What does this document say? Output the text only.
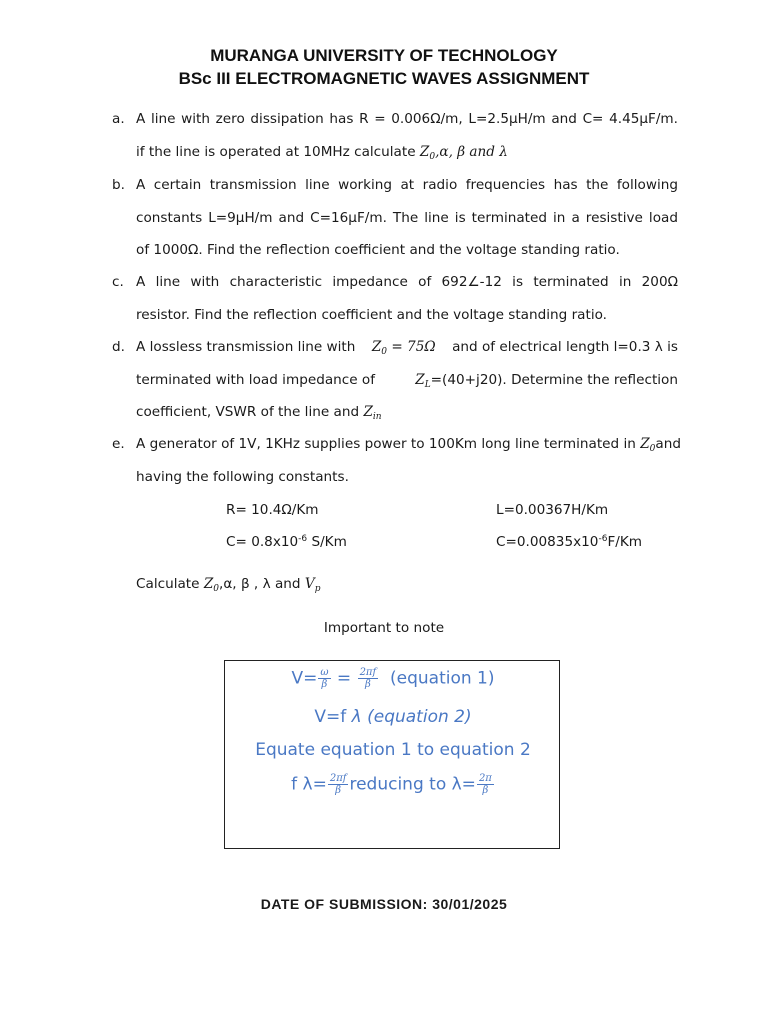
MURANGA UNIVERSITY OF TECHNOLOGY
BSc III ELECTROMAGNETIC WAVES ASSIGNMENT
a. A line with zero dissipation has R = 0.006Ω/m, L=2.5μH/m and C= 4.45μF/m.
if the line is operated at 10MHz calculate $Z_0,\alpha$, β and λ
b. A certain transmission line working at radio frequencies has the following
constants L=9μH/m and C=16μF/m. The line is terminated in a resistive load
of 1000Ω. Find the reflection coefficient and the voltage standing ratio.
c. A line with characteristic impedance of 692∠-12 is terminated in 200Ω
resistor. Find the reflection coefficient and the voltage standing ratio.
d. A lossless transmission line with $Z_0 = 75\Omega$ and of electrical length l=0.3 λ is
terminated with load impedance of	$Z_L=(40+j20)$. Determine the reflection
coefficient, VSWR of the line and $Z_{in}$
e. A generator of 1V, 1KHz supplies power to 100Km long line terminated in $Z_0$ and
having the following constants.
R= 10.4Ω/Km	L=0.00367H/Km
$C= 0.8x10^{-6}$ S/Km	$C=0.00835x10^{-6}F/Km$
Calculate $Z_0,\alpha$, β , λ and $V_p$
Important to note
$V= \frac{\omega}{\beta} = \frac{2\pi f}{\beta}$ (equation 1)
V=f λ (equation 2)
Equate equation 1 to equation 2
f $\lambda= \frac{2\pi f}{\beta}$ reducing to $\lambda= \frac{2\pi}{\beta}$
DATE OF SUBMISSION: 30/01/2025
